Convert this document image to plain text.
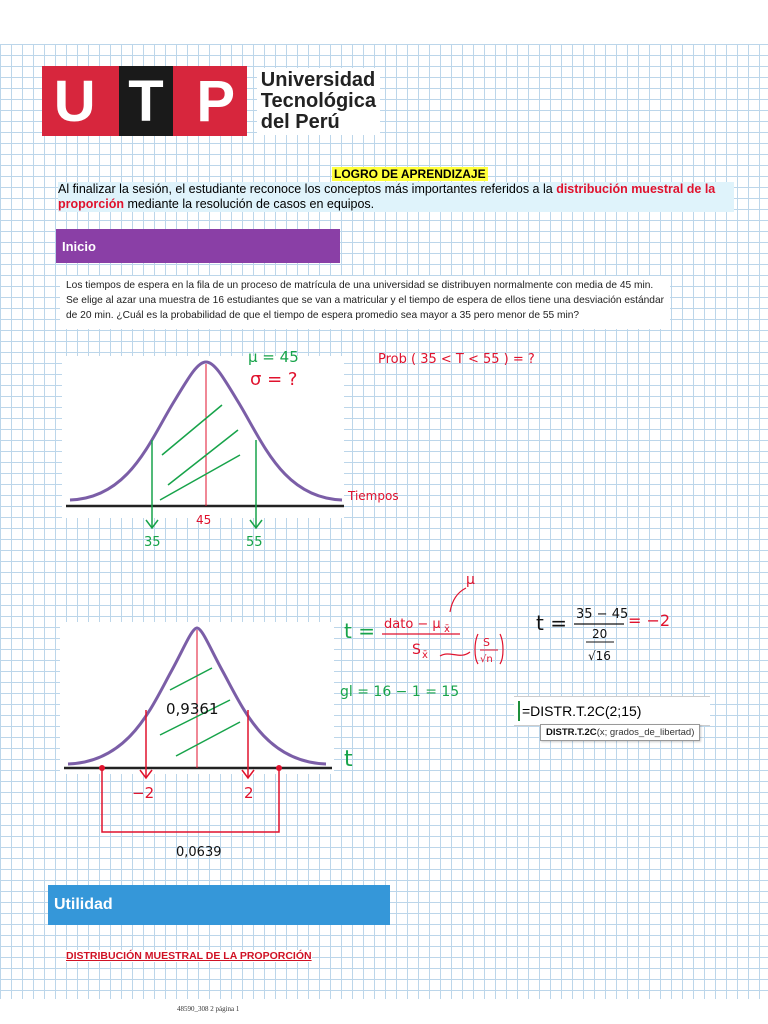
U T P Universidad
Tecnológica
del Perú
LOGRO DE APRENDIZAJE
Al finalizar la sesión, el estudiante reconoce los conceptos más importantes referidos a la distribución muestral de la proporción mediante la resolución de casos en equipos.
Inicio
Los tiempos de espera en la fila de un proceso de matrícula de una universidad se distribuyen normalmente con media de 45 min. Se elige al azar una muestra de 16 estudiantes que se van a matricular y el tiempo de espera de ellos tiene una desviación estándar de 20 min. ¿Cuál es la probabilidad de que el tiempo de espera promedio sea mayor a 35 pero menor de 55 min?
μ = 45
σ = ?
Prob ( 35 < T < 55 ) = ?
Tiempos
45
35	55
t = dato − μ x̄
S x̄
μ
S
√n
t = 35 − 45
20
√16
= −2
gl = 16 − 1 = 15
0,9361
t
−2	2
0,0639
=DISTR.T.2C(2;15)
DISTR.T.2C(x; grados_de_libertad)
Utilidad
DISTRIBUCIÓN MUESTRAL DE LA PROPORCIÓN
48590_308 2 página 1
